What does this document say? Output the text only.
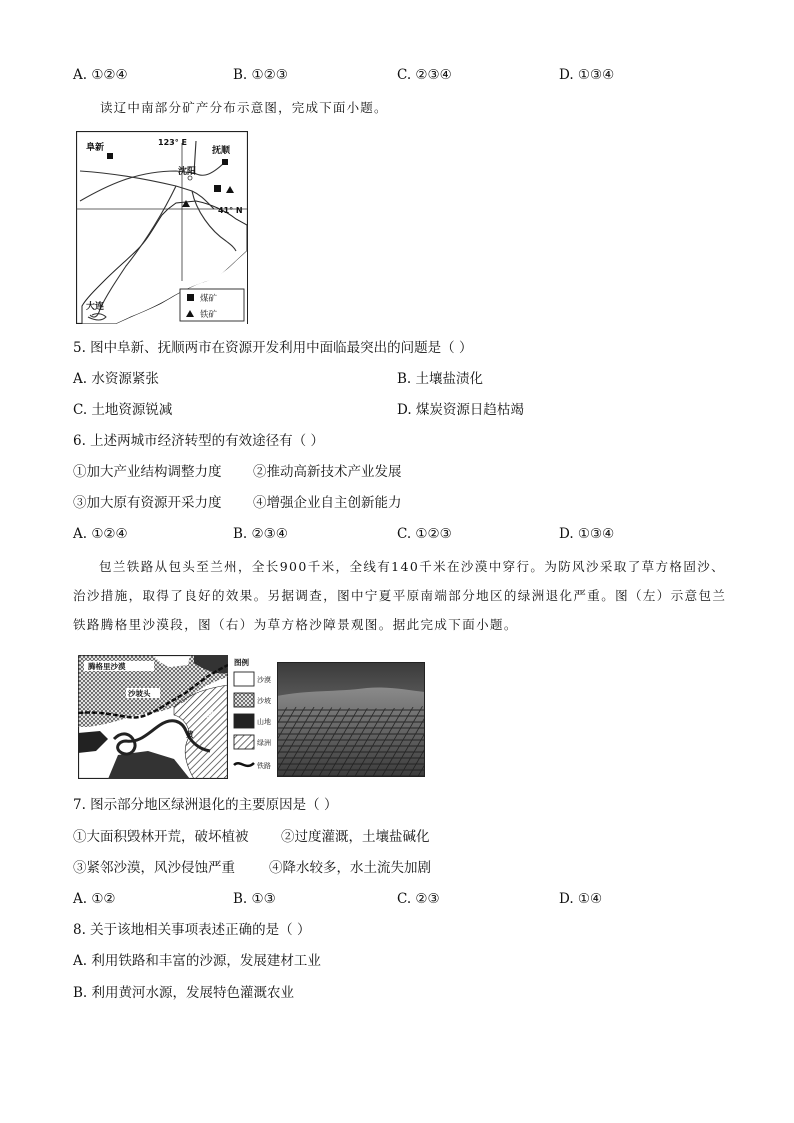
A. ①②④	B. ①②③	C. ②③④	D. ①③④
读辽中南部分矿产分布示意图，完成下面小题。
阜新
123° E
抚顺
沈阳
41° N
大连
煤矿
铁矿
5. 图中阜新、抚顺两市在资源开发利用中面临最突出的问题是（ ）
A. 水资源紧张	B. 土壤盐渍化
C. 土地资源锐减	D. 煤炭资源日趋枯竭
6. 上述两城市经济转型的有效途径有（ ）
①加大产业结构调整力度 ②推动高新技术产业发展
③加大原有资源开采力度 ④增强企业自主创新能力
A. ①②④	B. ②③④	C. ①②③	D. ①③④
包兰铁路从包头至兰州，全长900千米，全线有140千米在沙漠中穿行。为防风沙采取了草方格固沙、治沙措施，取得了良好的效果。另据调查，图中宁夏平原南端部分地区的绿洲退化严重。图（左）示意包兰铁路腾格里沙漠段，图（右）为草方格沙障景观图。据此完成下面小题。
腾格里沙漠
沙坡头
黄
河
图例
沙漠
沙坡
山地
绿洲
铁路
7. 图示部分地区绿洲退化的主要原因是（ ）
①大面积毁林开荒，破坏植被 ②过度灌溉，土壤盐碱化
③紧邻沙漠，风沙侵蚀严重	④降水较多，水土流失加剧
A. ①②	B. ①③	C. ②③	D. ①④
8. 关于该地相关事项表述正确的是（ ）
A. 利用铁路和丰富的沙源，发展建材工业
B. 利用黄河水源，发展特色灌溉农业
